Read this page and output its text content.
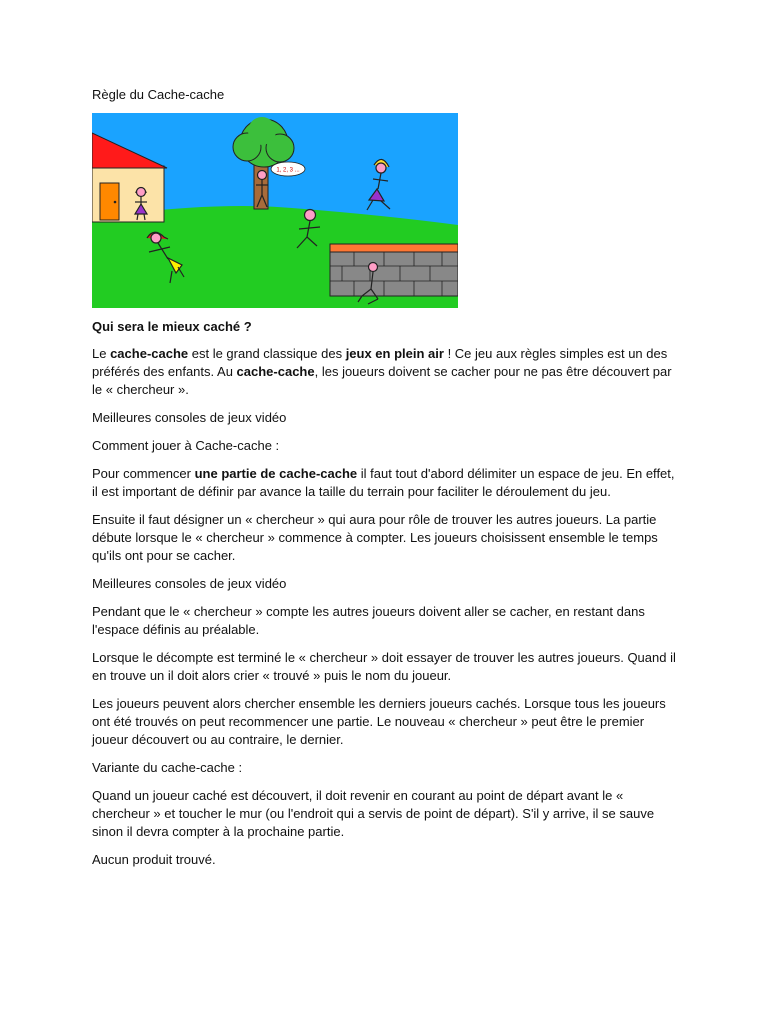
Règle du Cache-cache
1, 2, 3 ...

Qui sera le mieux caché ?

Le cache-cache est le grand classique des jeux en plein air ! Ce jeu aux règles simples est un des préférés des enfants. Au cache-cache, les joueurs doivent se cacher pour ne pas être découvert par le « chercheur ».

Meilleures consoles de jeux vidéo

Comment jouer à Cache-cache :

Pour commencer une partie de cache-cache il faut tout d'abord délimiter un espace de jeu. En effet, il est important de définir par avance la taille du terrain pour faciliter le déroulement du jeu.

Ensuite il faut désigner un « chercheur » qui aura pour rôle de trouver les autres joueurs. La partie débute lorsque le « chercheur » commence à compter. Les joueurs choisissent ensemble le temps qu'ils ont pour se cacher.

Meilleures consoles de jeux vidéo

Pendant que le « chercheur » compte les autres joueurs doivent aller se cacher, en restant dans l'espace définis au préalable.

Lorsque le décompte est terminé le « chercheur » doit essayer de trouver les autres joueurs. Quand il en trouve un il doit alors crier « trouvé » puis le nom du joueur.

Les joueurs peuvent alors chercher ensemble les derniers joueurs cachés. Lorsque tous les joueurs ont été trouvés on peut recommencer une partie. Le nouveau « chercheur » peut être le premier joueur découvert ou au contraire, le dernier.

Variante du cache-cache :

Quand un joueur caché est découvert, il doit revenir en courant au point de départ avant le « chercheur » et toucher le mur (ou l'endroit qui a servis de point de départ). S'il y arrive, il se sauve sinon il devra compter à la prochaine partie.

Aucun produit trouvé.
